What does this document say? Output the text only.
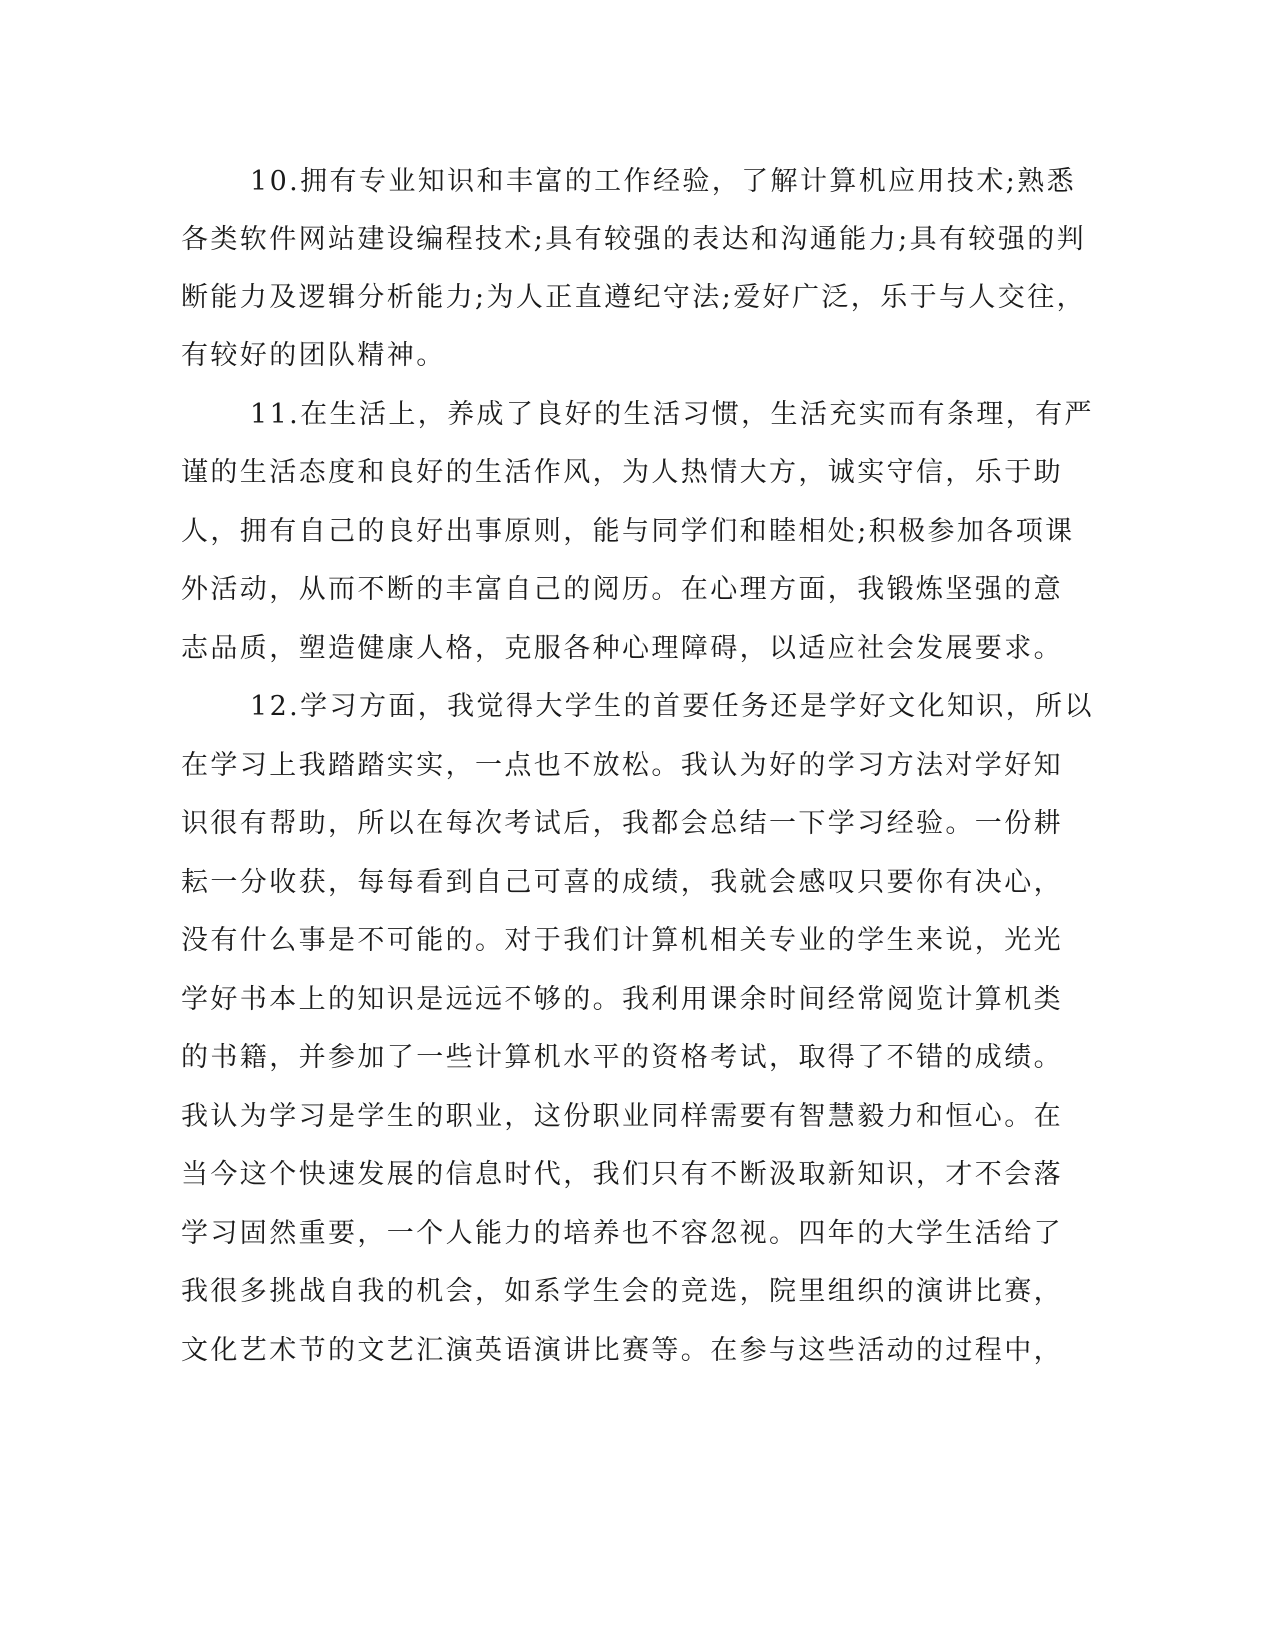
10.拥有专业知识和丰富的工作经验，了解计算机应用技术;熟悉
各类软件网站建设编程技术;具有较强的表达和沟通能力;具有较强的判
断能力及逻辑分析能力;为人正直遵纪守法;爱好广泛，乐于与人交往，
有较好的团队精神。
11.在生活上，养成了良好的生活习惯，生活充实而有条理，有严
谨的生活态度和良好的生活作风，为人热情大方，诚实守信，乐于助
人，拥有自己的良好出事原则，能与同学们和睦相处;积极参加各项课
外活动，从而不断的丰富自己的阅历。在心理方面，我锻炼坚强的意
志品质，塑造健康人格，克服各种心理障碍，以适应社会发展要求。
12.学习方面，我觉得大学生的首要任务还是学好文化知识，所以
在学习上我踏踏实实，一点也不放松。我认为好的学习方法对学好知
识很有帮助，所以在每次考试后，我都会总结一下学习经验。一份耕
耘一分收获，每每看到自己可喜的成绩，我就会感叹只要你有决心，
没有什么事是不可能的。对于我们计算机相关专业的学生来说，光光
学好书本上的知识是远远不够的。我利用课余时间经常阅览计算机类
的书籍，并参加了一些计算机水平的资格考试，取得了不错的成绩。
我认为学习是学生的职业，这份职业同样需要有智慧毅力和恒心。在
当今这个快速发展的信息时代，我们只有不断汲取新知识，才不会落
学习固然重要，一个人能力的培养也不容忽视。四年的大学生活给了
我很多挑战自我的机会，如系学生会的竞选，院里组织的演讲比赛，
文化艺术节的文艺汇演英语演讲比赛等。在参与这些活动的过程中，
